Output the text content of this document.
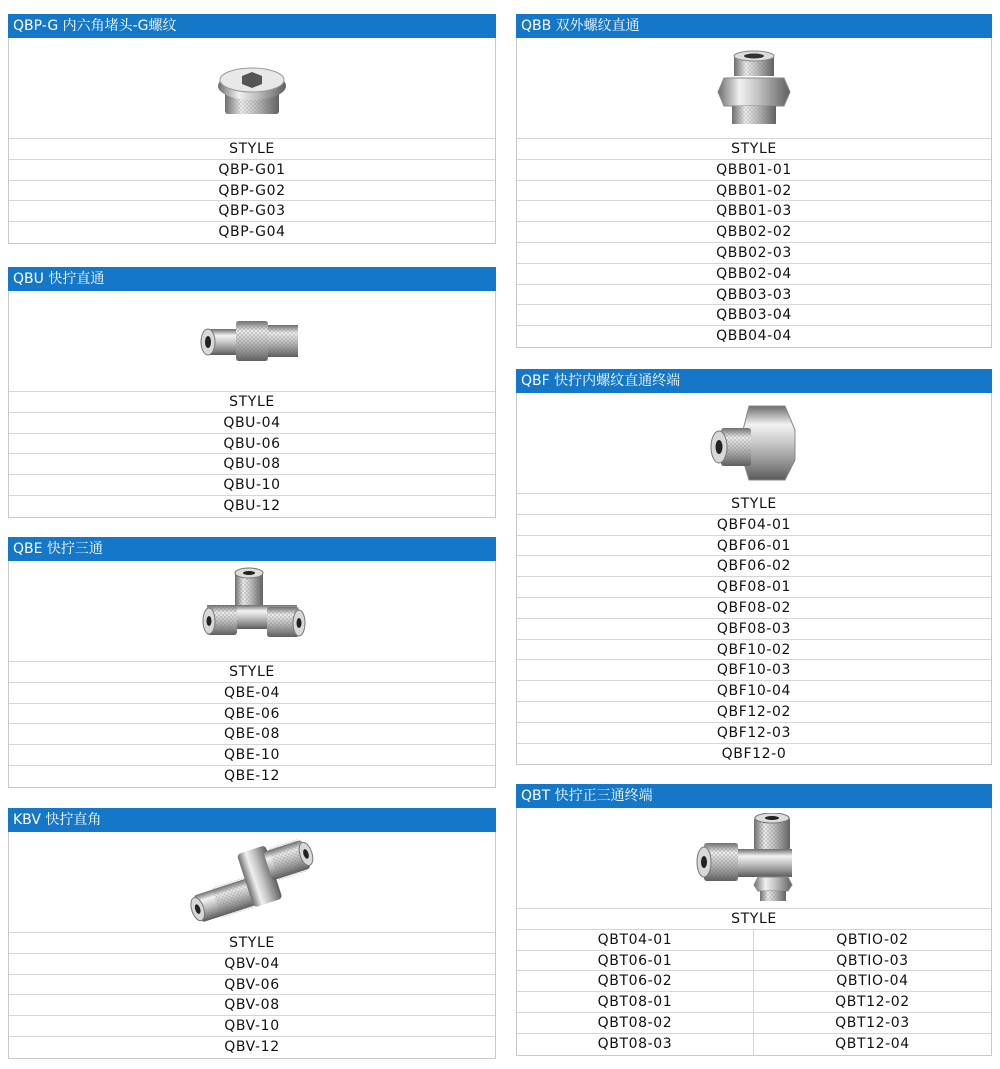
QBP-G 内六角堵头-G螺纹
STYLE
QBP-G01
QBP-G02
QBP-G03
QBP-G04
QBU 快拧直通
STYLE
QBU-04
QBU-06
QBU-08
QBU-10
QBU-12
QBE 快拧三通
STYLE
QBE-04
QBE-06
QBE-08
QBE-10
QBE-12
KBV 快拧直角
STYLE
QBV-04
QBV-06
QBV-08
QBV-10
QBV-12
QBB 双外螺纹直通
STYLE
QBB01-01
QBB01-02
QBB01-03
QBB02-02
QBB02-03
QBB02-04
QBB03-03
QBB03-04
QBB04-04
QBF 快拧内螺纹直通终端
STYLE
QBF04-01
QBF06-01
QBF06-02
QBF08-01
QBF08-02
QBF08-03
QBF10-02
QBF10-03
QBF10-04
QBF12-02
QBF12-03
QBF12-0
QBT 快拧正三通终端
STYLE
QBT04-01	QBTIO-02
QBT06-01	QBTIO-03
QBT06-02	QBTIO-04
QBT08-01	QBT12-02
QBT08-02	QBT12-03
QBT08-03	QBT12-04
